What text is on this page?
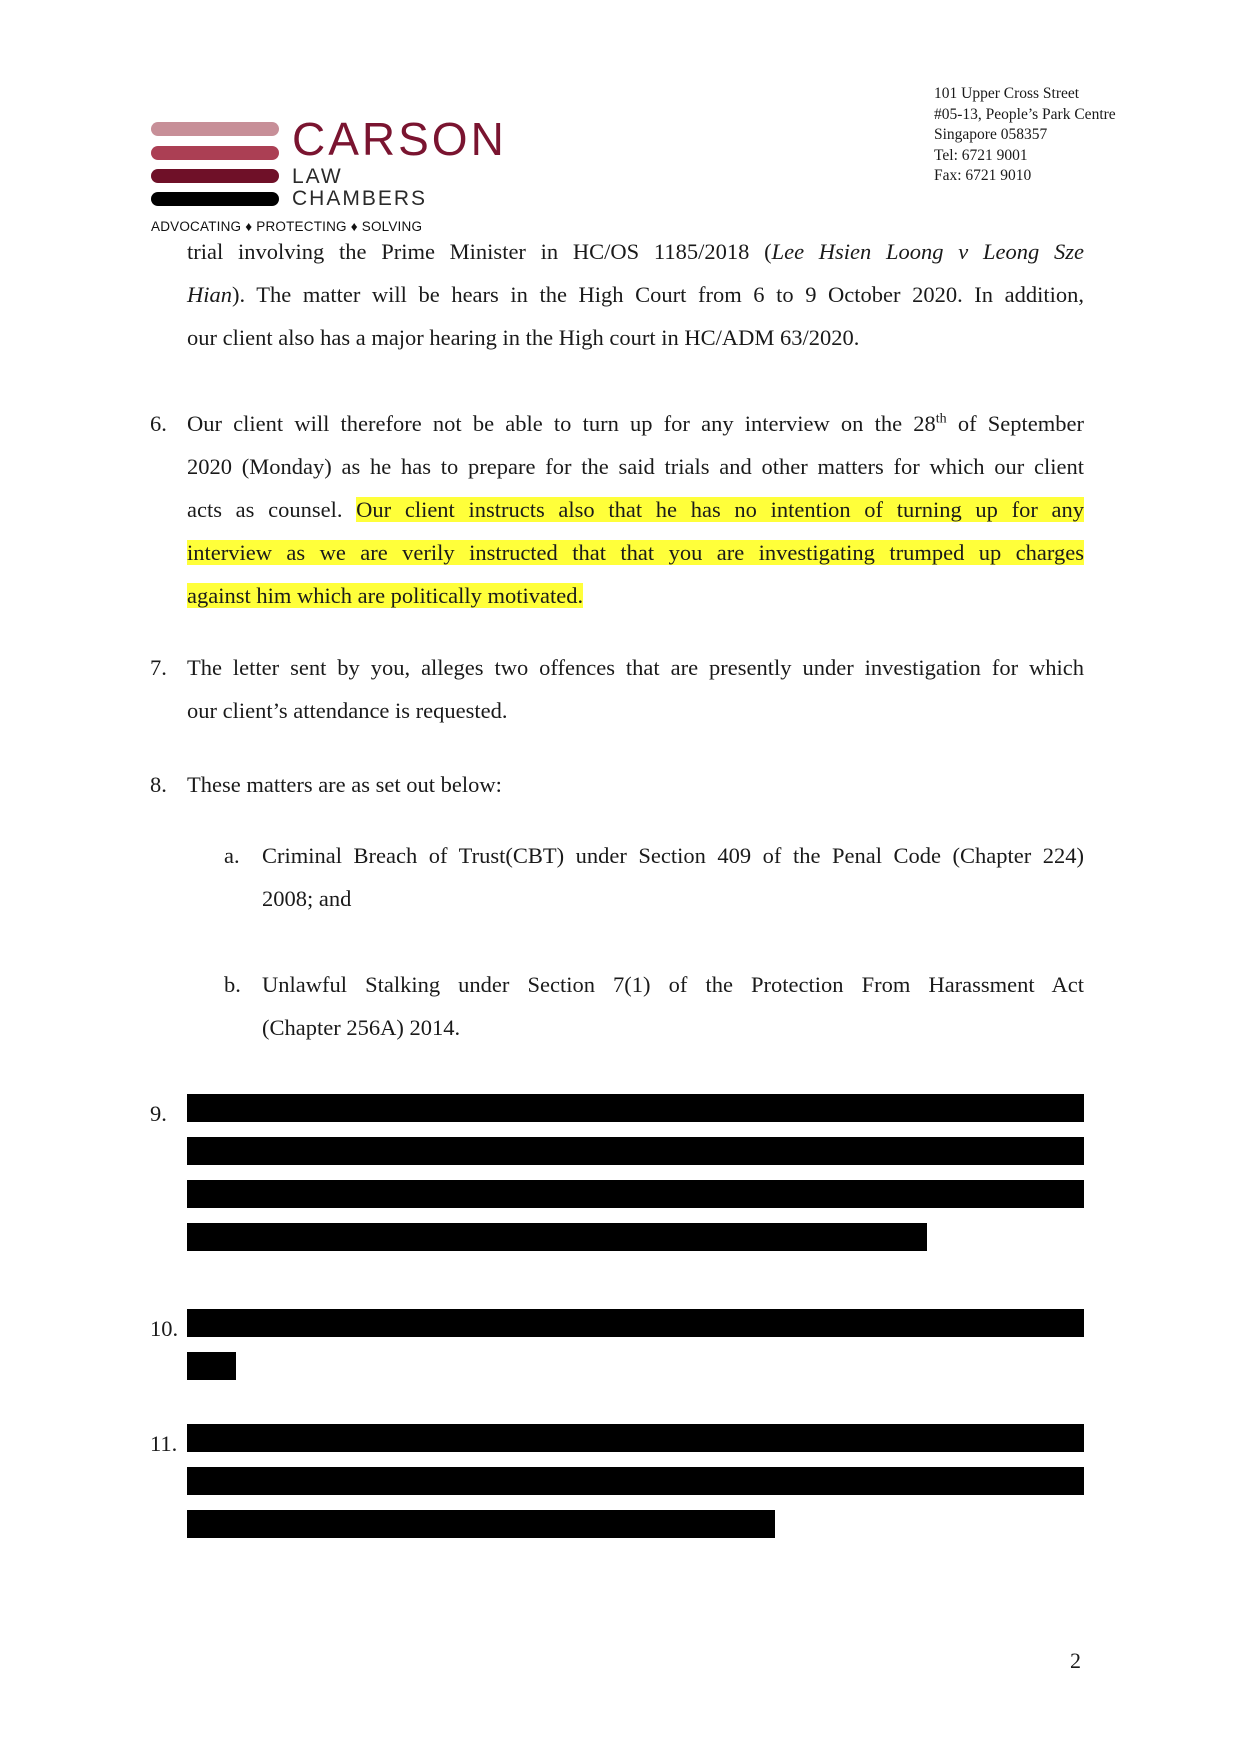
CARSON
LAW
CHAMBERS
ADVOCATING ♦ PROTECTING ♦ SOLVING
101 Upper Cross Street
#05-13, People’s Park Centre
Singapore 058357
Tel: 6721 9001
Fax: 6721 9010
trial involving the Prime Minister in HC/OS 1185/2018 (Lee Hsien Loong v Leong Sze
Hian). The matter will be hears in the High Court from 6 to 9 October 2020. In addition,
our client also has a major hearing in the High court in HC/ADM 63/2020.
6. Our client will therefore not be able to turn up for any interview on the 28th of September
2020 (Monday) as he has to prepare for the said trials and other matters for which our client
acts as counsel. Our client instructs also that he has no intention of turning up for any
interview as we are verily instructed that that you are investigating trumped up charges
against him which are politically motivated.
7. The letter sent by you, alleges two offences that are presently under investigation for which
our client’s attendance is requested.
8. These matters are as set out below:
a. Criminal Breach of Trust(CBT) under Section 409 of the Penal Code (Chapter 224)
2008; and
b. Unlawful Stalking under Section 7(1) of the Protection From Harassment Act
(Chapter 256A) 2014.
9.
10.
11.
2
